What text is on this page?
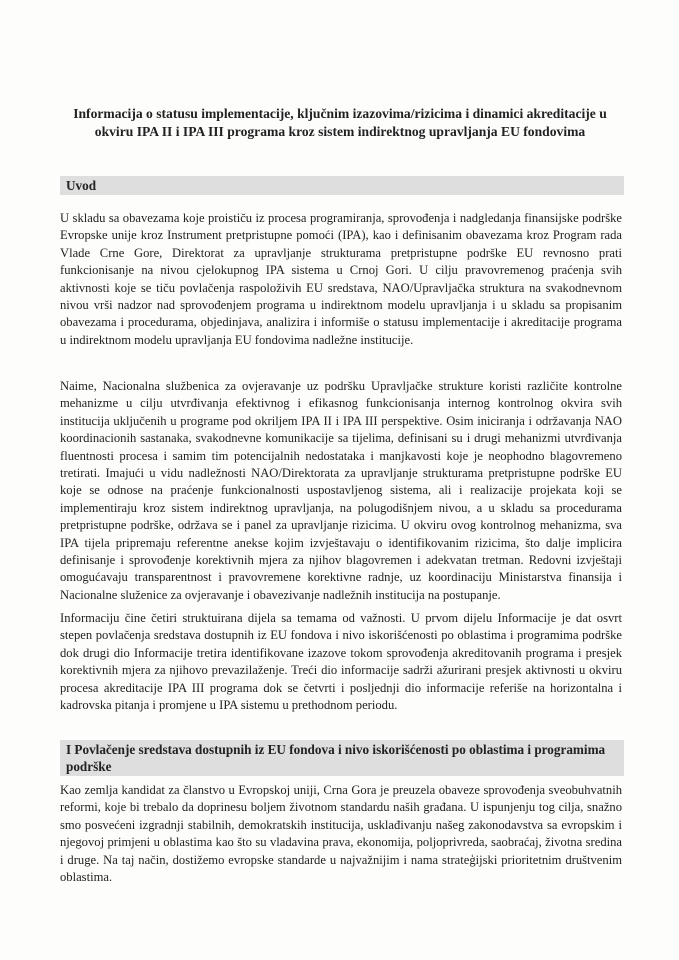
Informacija o statusu implementacije, ključnim izazovima/rizicima i dinamici akreditacije u okviru IPA II i IPA III programa kroz sistem indirektnog upravljanja EU fondovima
Uvod
U skladu sa obavezama koje proističu iz procesa programiranja, sprovođenja i nadgledanja finansijske podrške Evropske unije kroz Instrument pretpristupne pomoći (IPA), kao i definisanim obavezama kroz Program rada Vlade Crne Gore, Direktorat za upravljanje strukturama pretpristupne podrške EU revnosno prati funkcionisanje na nivou cjelokupnog IPA sistema u Crnoj Gori. U cilju pravovremenog praćenja svih aktivnosti koje se tiču povlačenja raspoloživih EU sredstava, NAO/Upravljačka struktura na svakodnevnom nivou vrši nadzor nad sprovođenjem programa u indirektnom modelu upravljanja i u skladu sa propisanim obavezama i procedurama, objedinjava, analizira i informiše o statusu implementacije i akreditacije programa u indirektnom modelu upravljanja EU fondovima nadležne institucije.
Naime, Nacionalna službenica za ovjeravanje uz podršku Upravljačke strukture koristi različite kontrolne mehanizme u cilju utvrđivanja efektivnog i efikasnog funkcionisanja internog kontrolnog okvira svih institucija uključenih u programe pod okriljem IPA II i IPA III perspektive. Osim iniciranja i održavanja NAO koordinacionih sastanaka, svakodnevne komunikacije sa tijelima, definisani su i drugi mehanizmi utvrđivanja fluentnosti procesa i samim tim potencijalnih nedostataka i manjkavosti koje je neophodno blagovremeno tretirati. Imajući u vidu nadležnosti NAO/Direktorata za upravljanje strukturama pretpristupne podrške EU koje se odnose na praćenje funkcionalnosti uspostavljenog sistema, ali i realizacije projekata koji se implementiraju kroz sistem indirektnog upravljanja, na polugodišnjem nivou, a u skladu sa procedurama pretpristupne podrške, održava se i panel za upravljanje rizicima. U okviru ovog kontrolnog mehanizma, sva IPA tijela pripremaju referentne anekse kojim izvještavaju o identifikovanim rizicima, što dalje implicira definisanje i sprovođenje korektivnih mjera za njihov blagovremen i adekvatan tretman. Redovni izvještaji omogućavaju transparentnost i pravovremene korektivne radnje, uz koordinaciju Ministarstva finansija i Nacionalne služenice za ovjeravanje i obavezivanje nadležnih institucija na postupanje.
Informaciju čine četiri struktuirana dijela sa temama od važnosti. U prvom dijelu Informacije je dat osvrt stepen povlačenja sredstava dostupnih iz EU fondova i nivo iskorišćenosti po oblastima i programima podrške dok drugi dio Informacije tretira identifikovane izazove tokom sprovođenja akreditovanih programa i presjek korektivnih mjera za njihovo prevazilaženje. Treći dio informacije sadrži ažurirani presjek aktivnosti u okviru procesa akreditacije IPA III programa dok se četvrti i posljednji dio informacije referiše na horizontalna i kadrovska pitanja i promjene u IPA sistemu u prethodnom periodu.
I Povlačenje sredstava dostupnih iz EU fondova i nivo iskorišćenosti po oblastima i programima podrške
Kao zemlja kandidat za članstvo u Evropskoj uniji, Crna Gora je preuzela obaveze sprovođenja sveobuhvatnih reformi, koje bi trebalo da doprinesu boljem životnom standardu naših građana. U ispunjenju tog cilja, snažno smo posvećeni izgradnji stabilnih, demokratskih institucija, usklađivanju našeg zakonodavstva sa evropskim i njegovoj primjeni u oblastima kao što su vladavina prava, ekonomija, poljoprivreda, saobraćaj, životna sredina i druge. Na taj način, dostižemo evropske standarde u najvažnijim i nama strateģijski prioritetnim društvenim oblastima.
